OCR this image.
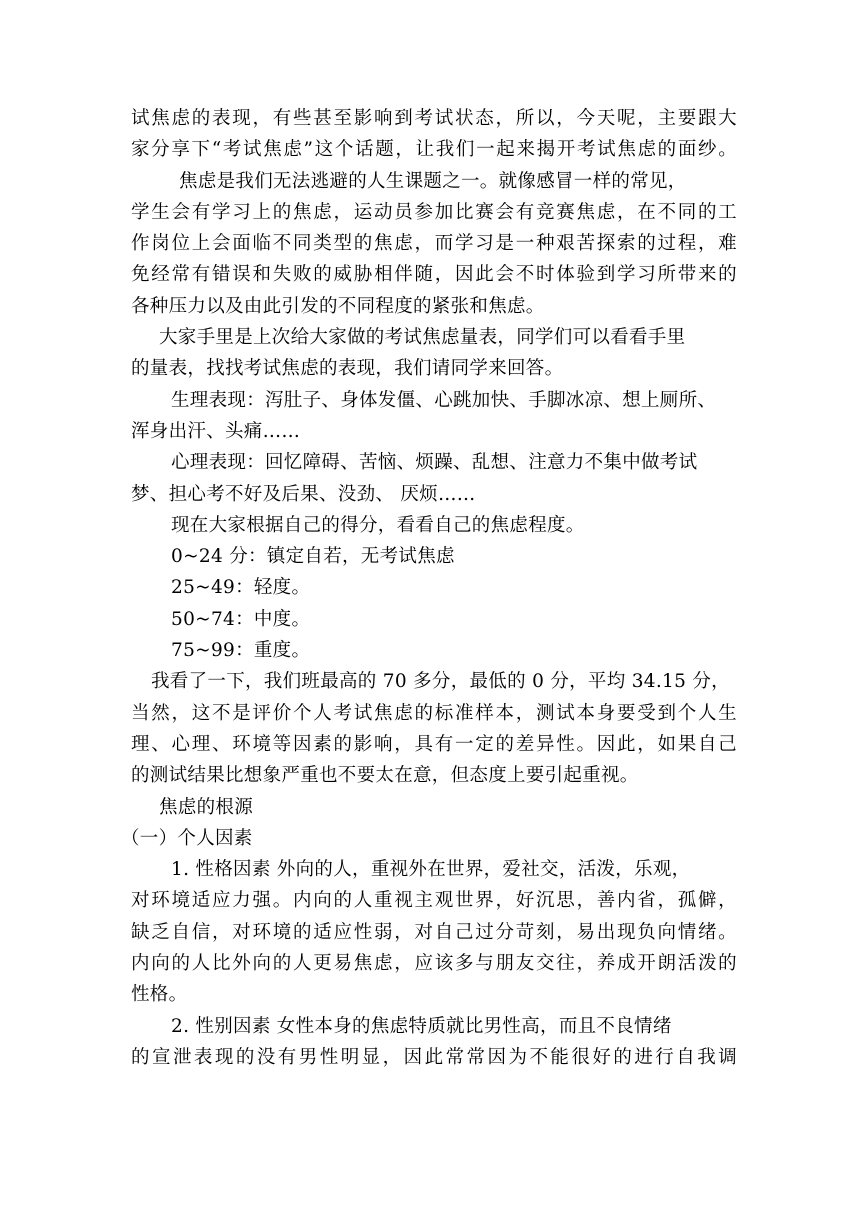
试焦虑的表现，有些甚至影响到考试状态，所以，今天呢，主要跟大
家分享下“考试焦虑”这个话题，让我们一起来揭开考试焦虑的面纱。
焦虑是我们无法逃避的人生课题之一。就像感冒一样的常见，
学生会有学习上的焦虑，运动员参加比赛会有竞赛焦虑，在不同的工
作岗位上会面临不同类型的焦虑，而学习是一种艰苦探索的过程，难
免经常有错误和失败的威胁相伴随，因此会不时体验到学习所带来的
各种压力以及由此引发的不同程度的紧张和焦虑。
大家手里是上次给大家做的考试焦虑量表，同学们可以看看手里
的量表，找找考试焦虑的表现，我们请同学来回答。
生理表现：泻肚子、身体发僵、心跳加快、手脚冰凉、想上厕所、
浑身出汗、头痛……
心理表现：回忆障碍、苦恼、烦躁、乱想、注意力不集中做考试
梦、担心考不好及后果、没劲、 厌烦……
现在大家根据自己的得分，看看自己的焦虑程度。
0~24 分：镇定自若，无考试焦虑
25~49：轻度。
50~74：中度。
75~99：重度。
我看了一下，我们班最高的 70 多分，最低的 0 分，平均 34.15 分，
当然，这不是评价个人考试焦虑的标准样本，测试本身要受到个人生
理、心理、环境等因素的影响，具有一定的差异性。因此，如果自己
的测试结果比想象严重也不要太在意，但态度上要引起重视。
焦虑的根源
（一）个人因素
1. 性格因素 外向的人，重视外在世界，爱社交，活泼，乐观，
对环境适应力强。内向的人重视主观世界，好沉思，善内省，孤僻，
缺乏自信，对环境的适应性弱，对自己过分苛刻，易出现负向情绪。
内向的人比外向的人更易焦虑，应该多与朋友交往，养成开朗活泼的
性格。
2. 性别因素 女性本身的焦虑特质就比男性高，而且不良情绪
的宣泄表现的没有男性明显，因此常常因为不能很好的进行自我调
